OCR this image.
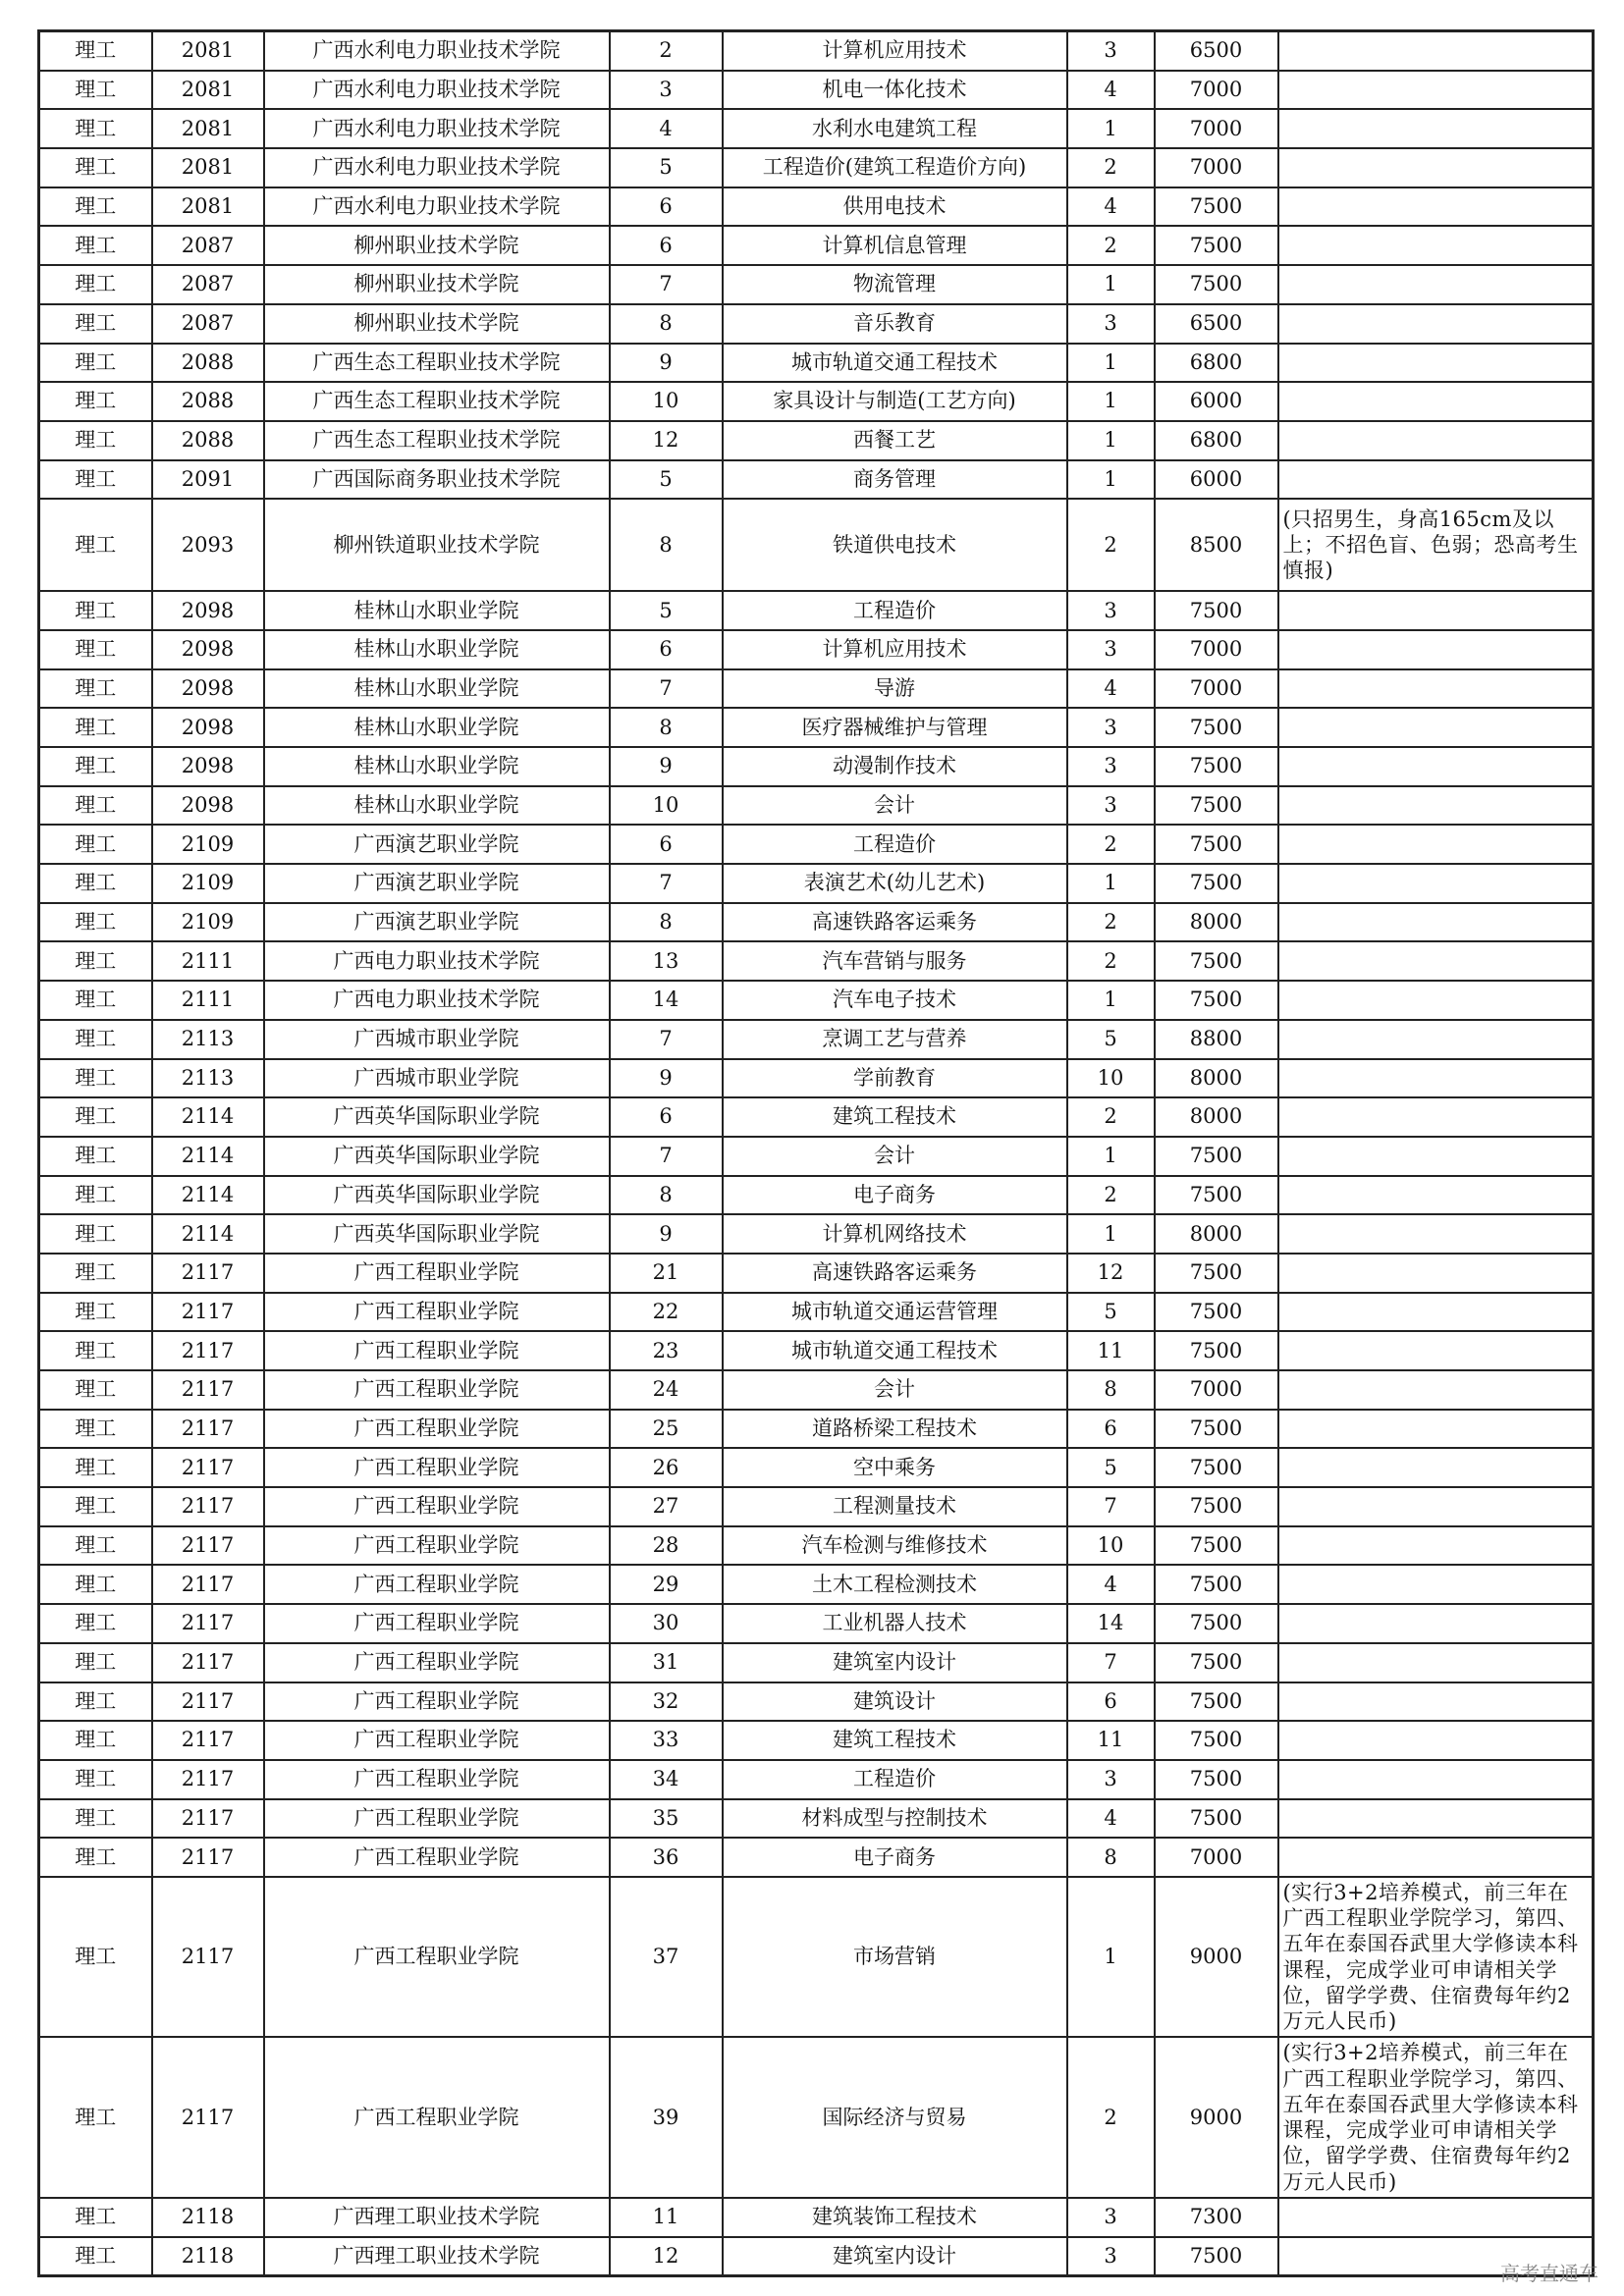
理工	2081	广西水利电力职业技术学院	2	计算机应用技术	3	6500	
理工	2081	广西水利电力职业技术学院	3	机电一体化技术	4	7000	
理工	2081	广西水利电力职业技术学院	4	水利水电建筑工程	1	7000	
理工	2081	广西水利电力职业技术学院	5	工程造价(建筑工程造价方向)	2	7000	
理工	2081	广西水利电力职业技术学院	6	供用电技术	4	7500	
理工	2087	柳州职业技术学院	6	计算机信息管理	2	7500	
理工	2087	柳州职业技术学院	7	物流管理	1	7500	
理工	2087	柳州职业技术学院	8	音乐教育	3	6500	
理工	2088	广西生态工程职业技术学院	9	城市轨道交通工程技术	1	6800	
理工	2088	广西生态工程职业技术学院	10	家具设计与制造(工艺方向)	1	6000	
理工	2088	广西生态工程职业技术学院	12	西餐工艺	1	6800	
理工	2091	广西国际商务职业技术学院	5	商务管理	1	6000	
理工	2093	柳州铁道职业技术学院	8	铁道供电技术	2	8500	(只招男生，身高165cm及以上；不招色盲、色弱；恐高考生慎报)
理工	2098	桂林山水职业学院	5	工程造价	3	7500	
理工	2098	桂林山水职业学院	6	计算机应用技术	3	7000	
理工	2098	桂林山水职业学院	7	导游	4	7000	
理工	2098	桂林山水职业学院	8	医疗器械维护与管理	3	7500	
理工	2098	桂林山水职业学院	9	动漫制作技术	3	7500	
理工	2098	桂林山水职业学院	10	会计	3	7500	
理工	2109	广西演艺职业学院	6	工程造价	2	7500	
理工	2109	广西演艺职业学院	7	表演艺术(幼儿艺术)	1	7500	
理工	2109	广西演艺职业学院	8	高速铁路客运乘务	2	8000	
理工	2111	广西电力职业技术学院	13	汽车营销与服务	2	7500	
理工	2111	广西电力职业技术学院	14	汽车电子技术	1	7500	
理工	2113	广西城市职业学院	7	烹调工艺与营养	5	8800	
理工	2113	广西城市职业学院	9	学前教育	10	8000	
理工	2114	广西英华国际职业学院	6	建筑工程技术	2	8000	
理工	2114	广西英华国际职业学院	7	会计	1	7500	
理工	2114	广西英华国际职业学院	8	电子商务	2	7500	
理工	2114	广西英华国际职业学院	9	计算机网络技术	1	8000	
理工	2117	广西工程职业学院	21	高速铁路客运乘务	12	7500	
理工	2117	广西工程职业学院	22	城市轨道交通运营管理	5	7500	
理工	2117	广西工程职业学院	23	城市轨道交通工程技术	11	7500	
理工	2117	广西工程职业学院	24	会计	8	7000	
理工	2117	广西工程职业学院	25	道路桥梁工程技术	6	7500	
理工	2117	广西工程职业学院	26	空中乘务	5	7500	
理工	2117	广西工程职业学院	27	工程测量技术	7	7500	
理工	2117	广西工程职业学院	28	汽车检测与维修技术	10	7500	
理工	2117	广西工程职业学院	29	土木工程检测技术	4	7500	
理工	2117	广西工程职业学院	30	工业机器人技术	14	7500	
理工	2117	广西工程职业学院	31	建筑室内设计	7	7500	
理工	2117	广西工程职业学院	32	建筑设计	6	7500	
理工	2117	广西工程职业学院	33	建筑工程技术	11	7500	
理工	2117	广西工程职业学院	34	工程造价	3	7500	
理工	2117	广西工程职业学院	35	材料成型与控制技术	4	7500	
理工	2117	广西工程职业学院	36	电子商务	8	7000	
理工	2117	广西工程职业学院	37	市场营销	1	9000	(实行3+2培养模式，前三年在广西工程职业学院学习，第四、五年在泰国吞武里大学修读本科课程，完成学业可申请相关学位，留学学费、住宿费每年约2万元人民币)
理工	2117	广西工程职业学院	39	国际经济与贸易	2	9000	(实行3+2培养模式，前三年在广西工程职业学院学习，第四、五年在泰国吞武里大学修读本科课程，完成学业可申请相关学位，留学学费、住宿费每年约2万元人民币)
理工	2118	广西理工职业技术学院	11	建筑装饰工程技术	3	7300	
理工	2118	广西理工职业技术学院	12	建筑室内设计	3	7500	
高考直通车
